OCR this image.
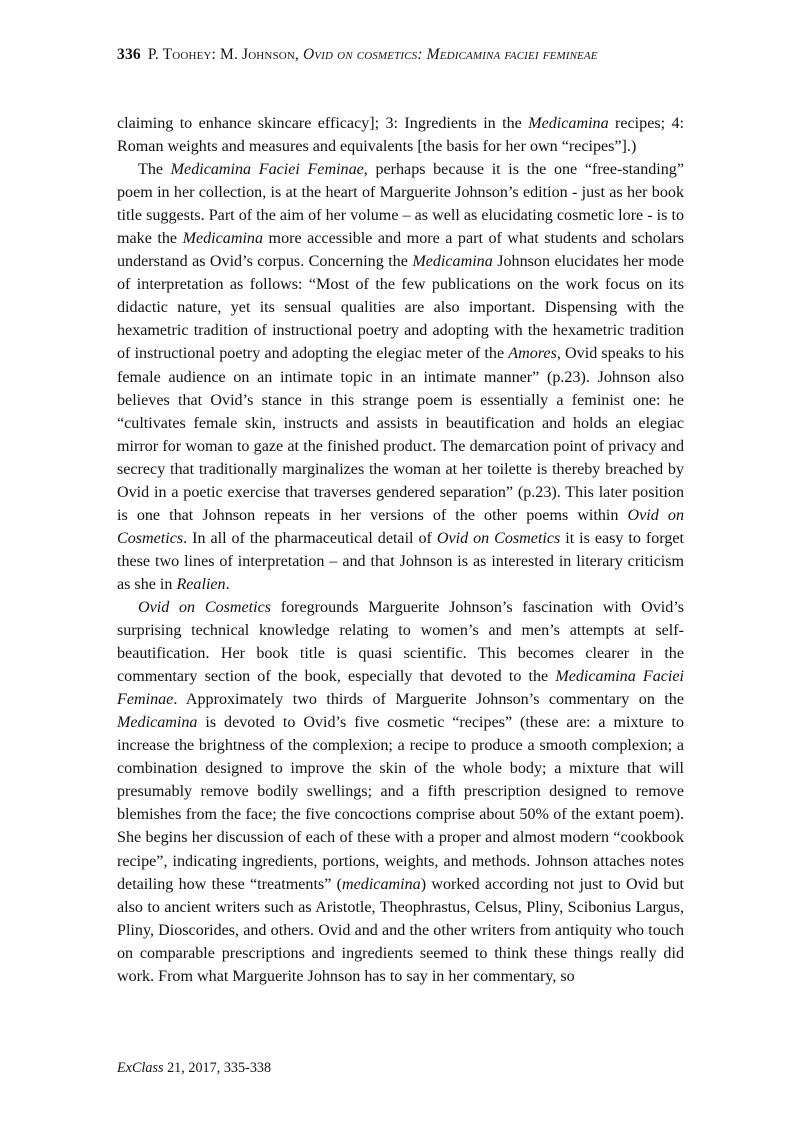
336 P. Toohey: M. Johnson, Ovid on cosmetics: Medicamina faciei femineae

claiming to enhance skincare efficacy]; 3: Ingredients in the Medicamina recipes; 4: Roman weights and measures and equivalents [the basis for her own “recipes”].)

The Medicamina Faciei Feminae, perhaps because it is the one “free-standing” poem in her collection, is at the heart of Marguerite Johnson’s edition - just as her book title suggests. Part of the aim of her volume – as well as elucidating cosmetic lore - is to make the Medicamina more accessible and more a part of what students and scholars understand as Ovid’s corpus. Concerning the Medicamina Johnson elucidates her mode of interpretation as follows: “Most of the few publications on the work focus on its didactic nature, yet its sensual qualities are also important. Dispensing with the hexametric tradition of instructional poetry and adopting with the hexametric tradition of instructional poetry and adopting the elegiac meter of the Amores, Ovid speaks to his female audience on an intimate topic in an intimate manner” (p.23). Johnson also believes that Ovid’s stance in this strange poem is essentially a feminist one: he “cultivates female skin, instructs and assists in beautification and holds an elegiac mirror for woman to gaze at the finished product. The demarcation point of privacy and secrecy that traditionally marginalizes the woman at her toilette is thereby breached by Ovid in a poetic exercise that traverses gendered separation” (p.23). This later position is one that Johnson repeats in her versions of the other poems within Ovid on Cosmetics. In all of the pharmaceutical detail of Ovid on Cosmetics it is easy to forget these two lines of interpretation – and that Johnson is as interested in literary criticism as she in Realien.

Ovid on Cosmetics foregrounds Marguerite Johnson’s fascination with Ovid’s surprising technical knowledge relating to women’s and men’s attempts at self-beautification. Her book title is quasi scientific. This becomes clearer in the commentary section of the book, especially that devoted to the Medicamina Faciei Feminae. Approximately two thirds of Marguerite Johnson’s commentary on the Medicamina is devoted to Ovid’s five cosmetic “recipes” (these are: a mixture to increase the brightness of the complexion; a recipe to produce a smooth complexion; a combination designed to improve the skin of the whole body; a mixture that will presumably remove bodily swellings; and a fifth prescription designed to remove blemishes from the face; the five concoctions comprise about 50% of the extant poem). She begins her discussion of each of these with a proper and almost modern “cookbook recipe”, indicating ingredients, portions, weights, and methods. Johnson attaches notes detailing how these “treatments” (medicamina) worked according not just to Ovid but also to ancient writers such as Aristotle, Theophrastus, Celsus, Pliny, Scibonius Largus, Pliny, Dioscorides, and others. Ovid and and the other writers from antiquity who touch on comparable prescriptions and ingredients seemed to think these things really did work. From what Marguerite Johnson has to say in her commentary, so

ExClass 21, 2017, 335-338
